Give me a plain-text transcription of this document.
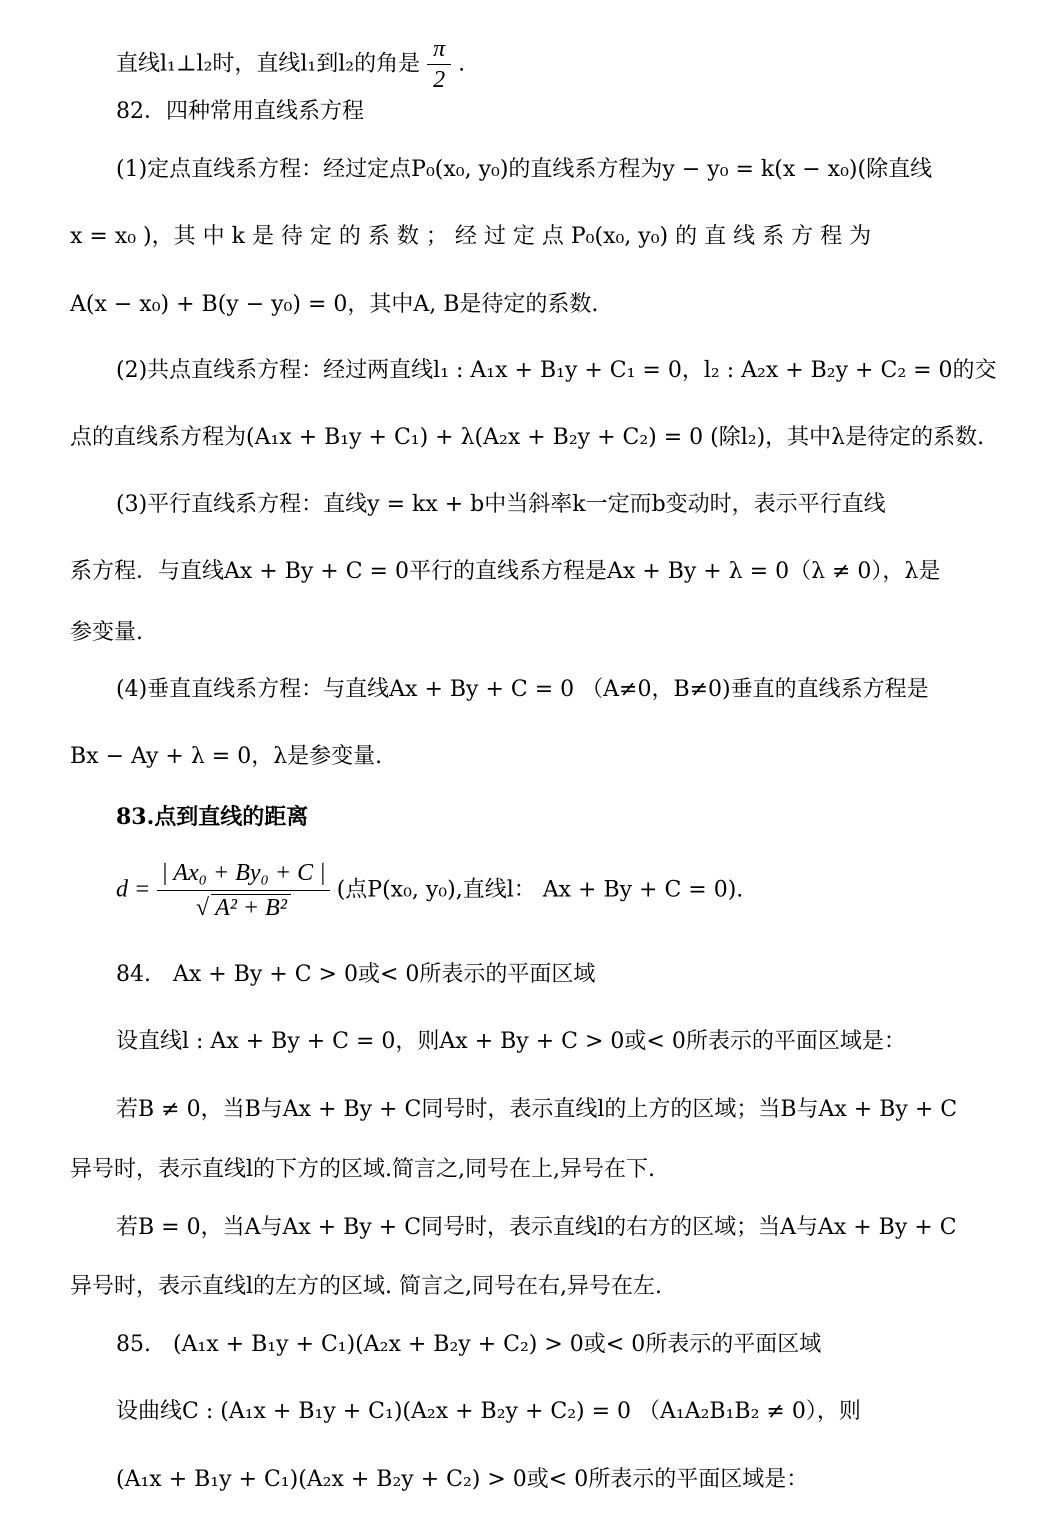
直线l₁⊥l₂时，直线l₁到l₂的角是 $\frac{\pi}{2}$ .
82．四种常用直线系方程
(1)定点直线系方程：经过定点P₀(x₀, y₀)的直线系方程为y − y₀ = k(x − x₀)(除直线
x = x₀ )，其 中 k 是 待 定 的 系 数 ； 经 过 定 点 P₀(x₀, y₀) 的 直 线 系 方 程 为
A(x − x₀) + B(y − y₀) = 0，其中A, B是待定的系数.
(2)共点直线系方程：经过两直线l₁ : A₁x + B₁y + C₁ = 0，l₂ : A₂x + B₂y + C₂ = 0的交
点的直线系方程为(A₁x + B₁y + C₁) + λ(A₂x + B₂y + C₂) = 0 (除l₂)，其中λ是待定的系数.
(3)平行直线系方程：直线y = kx + b中当斜率k一定而b变动时，表示平行直线
系方程．与直线Ax + By + C = 0平行的直线系方程是Ax + By + λ = 0（λ ≠ 0），λ是
参变量.
(4)垂直直线系方程：与直线Ax + By + C = 0 （A≠0，B≠0)垂直的直线系方程是
Bx − Ay + λ = 0，λ是参变量.
83.点到直线的距离
$d = \frac{\text{| Ax₀ + By₀ + C |}}{\text{√ A² + B²}}$ (点P(x₀, y₀),直线l： Ax + By + C = 0).
84.　Ax + By + C > 0或< 0所表示的平面区域
设直线l : Ax + By + C = 0，则Ax + By + C > 0或< 0所表示的平面区域是：
若B ≠ 0，当B与Ax + By + C同号时，表示直线l的上方的区域；当B与Ax + By + C
异号时，表示直线l的下方的区域.简言之,同号在上,异号在下.
若B = 0，当A与Ax + By + C同号时，表示直线l的右方的区域；当A与Ax + By + C
异号时，表示直线l的左方的区域. 简言之,同号在右,异号在左.
85.　(A₁x + B₁y + C₁)(A₂x + B₂y + C₂) > 0或< 0所表示的平面区域
设曲线C : (A₁x + B₁y + C₁)(A₂x + B₂y + C₂) = 0 （A₁A₂B₁B₂ ≠ 0），则
(A₁x + B₁y + C₁)(A₂x + B₂y + C₂) > 0或< 0所表示的平面区域是：
